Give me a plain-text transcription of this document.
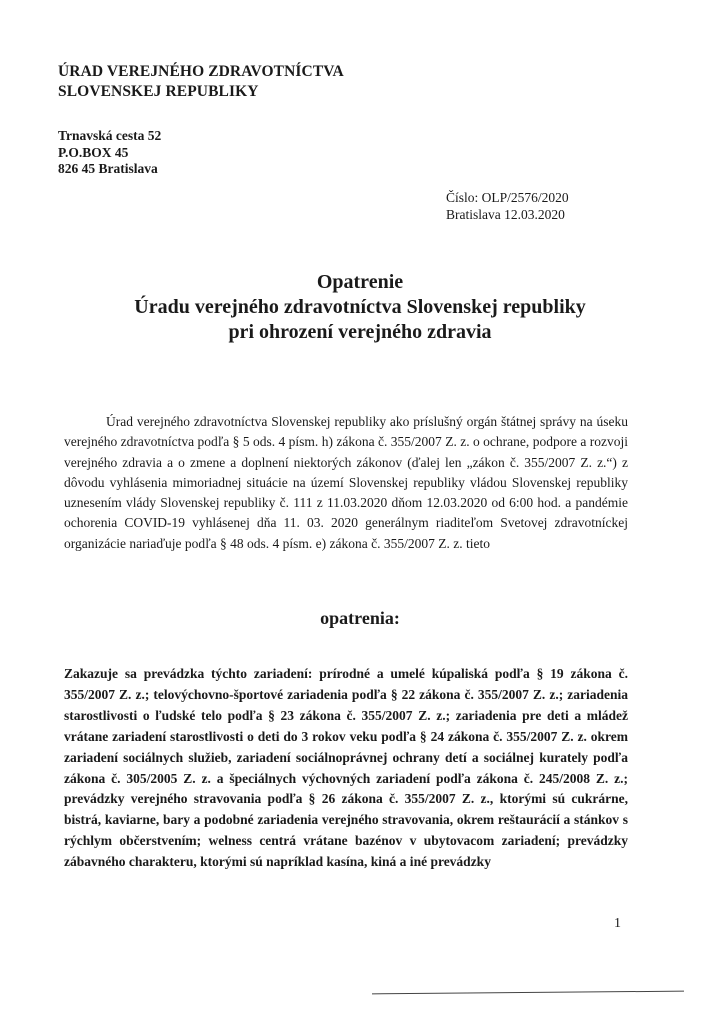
ÚRAD VEREJNÉHO ZDRAVOTNÍCTVA
SLOVENSKEJ REPUBLIKY
Trnavská cesta 52
P.O.BOX 45
826 45 Bratislava
Číslo: OLP/2576/2020
Bratislava 12.03.2020
Opatrenie
Úradu verejného zdravotníctva Slovenskej republiky
pri ohrození verejného zdravia
Úrad verejného zdravotníctva Slovenskej republiky ako príslušný orgán štátnej správy na úseku verejného zdravotníctva podľa § 5 ods. 4 písm. h) zákona č. 355/2007 Z. z. o ochrane, podpore a rozvoji verejného zdravia a o zmene a doplnení niektorých zákonov (ďalej len „zákon č. 355/2007 Z. z.“) z dôvodu vyhlásenia mimoriadnej situácie na území Slovenskej republiky vládou Slovenskej republiky uznesením vlády Slovenskej republiky č. 111 z 11.03.2020 dňom 12.03.2020 od 6:00 hod. a pandémie ochorenia COVID-19 vyhlásenej dňa 11. 03. 2020 generálnym riaditeľom Svetovej zdravotníckej organizácie nariaďuje podľa § 48 ods. 4 písm. e) zákona č. 355/2007 Z. z. tieto
opatrenia:
Zakazuje sa prevádzka týchto zariadení: prírodné a umelé kúpaliská podľa § 19 zákona č. 355/2007 Z. z.; telovýchovno-športové zariadenia podľa § 22 zákona č. 355/2007 Z. z.; zariadenia starostlivosti o ľudské telo podľa § 23 zákona č. 355/2007 Z. z.; zariadenia pre deti a mládež vrátane zariadení starostlivosti o deti do 3 rokov veku podľa § 24 zákona č. 355/2007 Z. z. okrem zariadení sociálnych služieb, zariadení sociálnoprávnej ochrany detí a sociálnej kurately podľa zákona č. 305/2005 Z. z. a špeciálnych výchovných zariadení podľa zákona č. 245/2008 Z. z.; prevádzky verejného stravovania podľa § 26 zákona č. 355/2007 Z. z., ktorými sú cukrárne, bistrá, kaviarne, bary a podobné zariadenia verejného stravovania, okrem reštaurácií a stánkov s rýchlym občerstvením; welness centrá vrátane bazénov v ubytovacom zariadení; prevádzky zábavného charakteru, ktorými sú napríklad kasína, kiná a iné prevádzky
1
